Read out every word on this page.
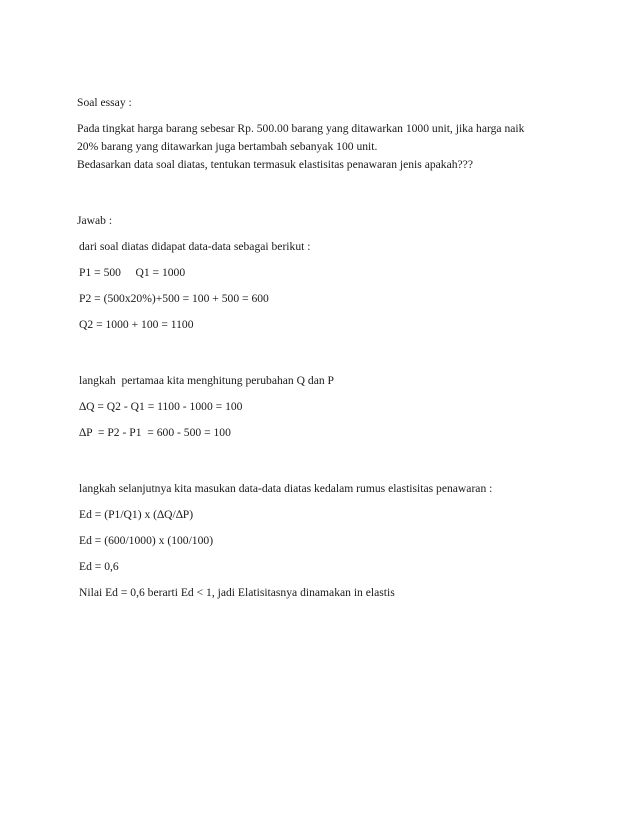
Soal essay :

Pada tingkat harga barang sebesar Rp. 500.00 barang yang ditawarkan 1000 unit, jika harga naik

20% barang yang ditawarkan juga bertambah sebanyak 100 unit.

Bedasarkan data soal diatas, tentukan termasuk elastisitas penawaran jenis apakah???

Jawab :

dari soal diatas didapat data-data sebagai berikut :

P1 = 500     Q1 = 1000

P2 = (500x20%)+500 = 100 + 500 = 600

Q2 = 1000 + 100 = 1100

langkah  pertamaa kita menghitung perubahan Q dan P

∆Q = Q2 - Q1 = 1100 - 1000 = 100

∆P  = P2 - P1  = 600 - 500 = 100

langkah selanjutnya kita masukan data-data diatas kedalam rumus elastisitas penawaran :

Ed = (P1/Q1) x (∆Q/∆P)

Ed = (600/1000) x (100/100)

Ed = 0,6

Nilai Ed = 0,6 berarti Ed < 1, jadi Elatisitasnya dinamakan in elastis
